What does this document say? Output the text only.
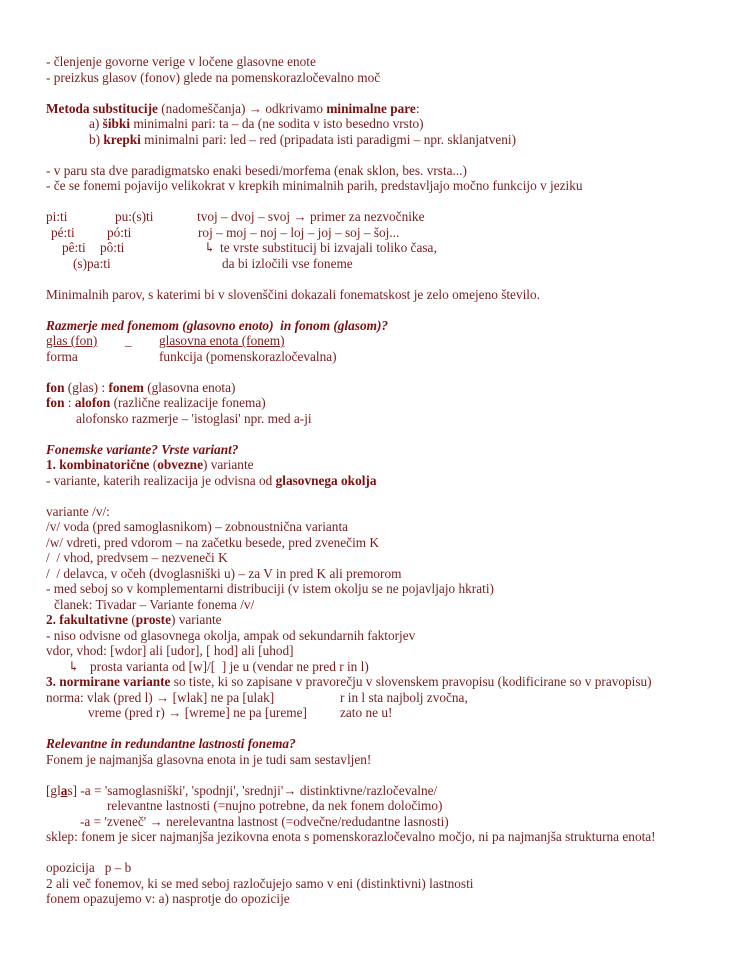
- členjenje govorne verige v ločene glasovne enote
- preizkus glasov (fonov) glede na pomenskorazločevalno moč
Metoda substitucije (nadomeščanja) → odkrivamo minimalne pare:
a) šibki minimalni pari: ta – da (ne sodita v isto besedno vrsto)
b) krepki minimalni pari: led – red (pripadata isti paradigmi – npr. sklanjatveni)
- v paru sta dve paradigmatsko enaki besedi/morfema (enak sklon, bes. vrsta...)
- če se fonemi pojavijo velikokrat v krepkih minimalnih parih, predstavljajo močno funkcijo v jeziku
pi:ti	pu:(s)ti	tvoj – dvoj – svoj → primer za nezvočnike
pé:ti pó:ti	roj – moj – noj – loj – joj – soj – šoj...
pê:ti pô:ti	↳ te vrste substitucij bi izvajali toliko časa,
(s)pa:ti	da bi izločili vse foneme
Minimalnih parov, s katerimi bi v slovenščini dokazali fonematskost je zelo omejeno število.
Razmerje med fonemom (glasovno enoto)  in fonom (glasom)?
glas (fon) _ glasovna enota (fonem)
forma	funkcija (pomenskorazločevalna)
fon (glas) : fonem (glasovna enota)
fon : alofon (različne realizacije fonema)
alofonsko razmerje – 'istoglasi' npr. med a-ji
Fonemske variante? Vrste variant?
1. kombinatorične (obvezne) variante
- variante, katerih realizacija je odvisna od glasovnega okolja
variante /v/:
/v/ voda (pred samoglasnikom) – zobnoustnična varianta
/w/ vdreti, pred vdorom – na začetku besede, pred zvenečim K
/  / vhod, predvsem – nezveneči K
/  / delavca, v očeh (dvoglasniški u) – za V in pred K ali premorom
- med seboj so v komplementarni distribuciji (v istem okolju se ne pojavljajo hkrati)
članek: Tivadar – Variante fonema /v/
2. fakultativne (proste) variante
- niso odvisne od glasovnega okolja, ampak od sekundarnih faktorjev
vdor, vhod: [wdor] ali [udor], [ hod] ali [uhod]
↳ prosta varianta od [w]/[  ] je u (vendar ne pred r in l)
3. normirane variante so tiste, ki so zapisane v pravorečju v slovenskem pravopisu (kodificirane so v pravopisu)
norma: vlak (pred l) → [wlak] ne pa [ulak]	r in l sta najbolj zvočna,
vreme (pred r) → [wreme] ne pa [ureme] zato ne u!
Relevantne in redundantne lastnosti fonema?
Fonem je najmanjša glasovna enota in je tudi sam sestavljen!
[glas] -a = 'samoglasniški', 'spodnji', 'srednji'→ distinktivne/razločevalne/
relevantne lastnosti (=nujno potrebne, da nek fonem določimo)
-a = 'zveneč' → nerelevantna lastnost (=odvečne/redudantne lasnosti)
sklep: fonem je sicer najmanjša jezikovna enota s pomenskorazločevalno močjo, ni pa najmanjša strukturna enota!
opozicija   p – b
2 ali več fonemov, ki se med seboj razločujejo samo v eni (distinktivni) lastnosti
fonem opazujemo v: a) nasprotje do opozicije
